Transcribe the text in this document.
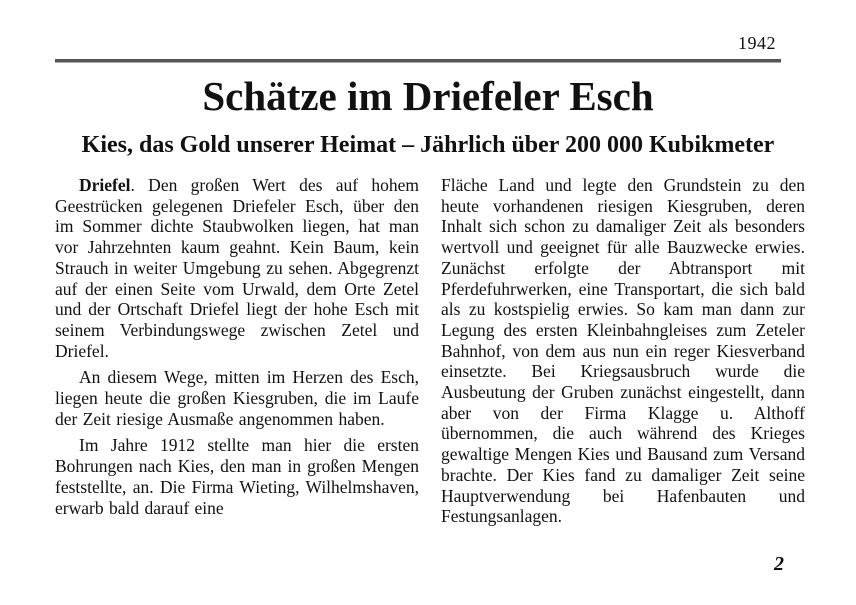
1942
Schätze im Driefeler Esch
Kies, das Gold unserer Heimat – Jährlich über 200 000 Kubikmeter

Driefel. Den großen Wert des auf hohem Geestrücken gelegenen Driefeler Esch, über den im Sommer dichte Staubwolken liegen, hat man vor Jahrzehnten kaum geahnt. Kein Baum, kein Strauch in weiter Umgebung zu sehen. Abgegrenzt auf der einen Seite vom Urwald, dem Orte Zetel und der Ortschaft Driefel liegt der hohe Esch mit seinem Verbindungswege zwischen Zetel und Driefel.

An diesem Wege, mitten im Herzen des Esch, liegen heute die großen Kiesgruben, die im Laufe der Zeit riesige Ausmaße angenommen haben.

Im Jahre 1912 stellte man hier die ersten Bohrungen nach Kies, den man in großen Mengen feststellte, an. Die Firma Wieting, Wilhelmshaven, erwarb bald darauf eine

Fläche Land und legte den Grundstein zu den heute vorhandenen riesigen Kiesgruben, deren Inhalt sich schon zu damaliger Zeit als besonders wertvoll und geeignet für alle Bauzwecke erwies. Zunächst erfolgte der Abtransport mit Pferdefuhrwerken, eine Transportart, die sich bald als zu kostspielig erwies. So kam man dann zur Legung des ersten Kleinbahngleises zum Zeteler Bahnhof, von dem aus nun ein reger Kiesverband einsetzte. Bei Kriegsausbruch wurde die Ausbeutung der Gruben zunächst eingestellt, dann aber von der Firma Klagge u. Althoff übernommen, die auch während des Krieges gewaltige Mengen Kies und Bausand zum Versand brachte. Der Kies fand zu damaliger Zeit seine Hauptverwendung bei Hafenbauten und Festungsanlagen.

2
